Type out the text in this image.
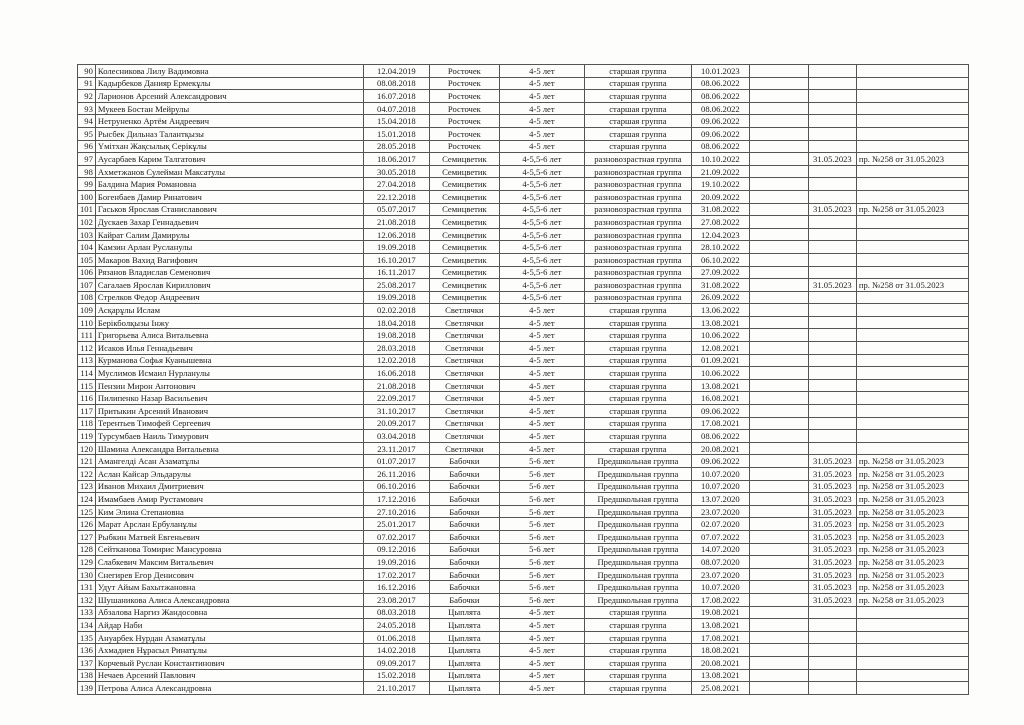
90	Колесникова Лилу Вадимовна	12.04.2019	Росточек	4-5 лет	старшая группа	10.01.2023			
91	Кадырбеков Данияр Ермекұлы	08.08.2018	Росточек	4-5 лет	старшая группа	08.06.2022			
92	Ларионов Арсений Александрович	16.07.2018	Росточек	4-5 лет	старшая группа	08.06.2022			
93	Мукеев Бостан Мейрулы	04.07.2018	Росточек	4-5 лет	старшая группа	08.06.2022			
94	Нетруненко Артём Андреевич	15.04.2018	Росточек	4-5 лет	старшая группа	09.06.2022			
95	Рысбек Дильназ Талантқызы	15.01.2018	Росточек	4-5 лет	старшая группа	09.06.2022			
96	Үмітхан Жақсылық Серікұлы	28.05.2018	Росточек	4-5 лет	старшая группа	08.06.2022			
97	Аусарбаев Карим Талгатович	18.06.2017	Семицветик	4-5,5-6 лет	разновозрастная группа	10.10.2022		31.05.2023	пр. №258 от 31.05.2023
98	Ахметжанов Сулейман Максатулы	30.05.2018	Семицветик	4-5,5-6 лет	разновозрастная группа	21.09.2022			
99	Балдина Мария Романовна	27.04.2018	Семицветик	4-5,5-6 лет	разновозрастная группа	19.10.2022			
100	Богенбаев Дамир Ринатович	22.12.2018	Семицветик	4-5,5-6 лет	разновозрастная группа	20.09.2022			
101	Гаськов Ярослав Станиславович	05.07.2017	Семицветик	4-5,5-6 лет	разновозрастная группа	31.08.2022		31.05.2023	пр. №258 от 31.05.2023
102	Дускаев Захар Геннадьевич	21.08.2018	Семицветик	4-5,5-6 лет	разновозрастная группа	27.08.2022			
103	Кайрат Салим Дамирулы	12.06.2018	Семицветик	4-5,5-6 лет	разновозрастная группа	12.04.2023			
104	Камзин Арлан Русланулы	19.09.2018	Семицветик	4-5,5-6 лет	разновозрастная группа	28.10.2022			
105	Макаров Вахид Вагифович	16.10.2017	Семицветик	4-5,5-6 лет	разновозрастная группа	06.10.2022			
106	Рязанов Владислав Семенович	16.11.2017	Семицветик	4-5,5-6 лет	разновозрастная группа	27.09.2022			
107	Сагалаев Ярослав Кириллович	25.08.2017	Семицветик	4-5,5-6 лет	разновозрастная группа	31.08.2022		31.05.2023	пр. №258 от 31.05.2023
108	Стрелков Федор Андреевич	19.09.2018	Семицветик	4-5,5-6 лет	разновозрастная группа	26.09.2022			
109	Асқарұлы Ислам	02.02.2018	Светлячки	4-5 лет	старшая группа	13.06.2022			
110	Берікболқызы Інжу	18.04.2018	Светлячки	4-5 лет	старшая группа	13.08.2021			
111	Григорьева Алиса Витальевна	19.08.2018	Светлячки	4-5 лет	старшая группа	10.06.2022			
112	Исаков Илья Геннадьевич	28.03.2018	Светлячки	4-5 лет	старшая группа	12.08.2021			
113	Курманова Софья Куанышевна	12.02.2018	Светлячки	4-5 лет	старшая группа	01.09.2021			
114	Муслимов Исмаил Нурланулы	16.06.2018	Светлячки	4-5 лет	старшая группа	10.06.2022			
115	Пензин Мирон Антонович	21.08.2018	Светлячки	4-5 лет	старшая группа	13.08.2021			
116	Пилипенко Назар Васильевич	22.09.2017	Светлячки	4-5 лет	старшая группа	16.08.2021			
117	Притыкин Арсений Иванович	31.10.2017	Светлячки	4-5 лет	старшая группа	09.06.2022			
118	Терентьев Тимофей Сергеевич	20.09.2017	Светлячки	4-5 лет	старшая группа	17.08.2021			
119	Турсумбаев Наиль Тимурович	03.04.2018	Светлячки	4-5 лет	старшая группа	08.06.2022			
120	Шамина Александра Витальевна	23.11.2017	Светлячки	4-5 лет	старшая группа	20.08.2021			
121	Амангелді Асан Азаматұлы	01.07.2017	Бабочки	5-6 лет	Предшкольная группа	09.06.2022		31.05.2023	пр. №258 от 31.05.2023
122	Аслан Кайсар Эльдарулы	26.11.2016	Бабочки	5-6 лет	Предшкольная группа	10.07.2020		31.05.2023	пр. №258 от 31.05.2023
123	Иванов Михаил Дмитриевич	06.10.2016	Бабочки	5-6 лет	Предшкольная группа	10.07.2020		31.05.2023	пр. №258 от 31.05.2023
124	Имамбаев Амир Рустамович	17.12.2016	Бабочки	5-6 лет	Предшкольная группа	13.07.2020		31.05.2023	пр. №258 от 31.05.2023
125	Ким Элина Степановна	27.10.2016	Бабочки	5-6 лет	Предшкольная группа	23.07.2020		31.05.2023	пр. №258 от 31.05.2023
126	Марат Арслан Ербуланұлы	25.01.2017	Бабочки	5-6 лет	Предшкольная группа	02.07.2020		31.05.2023	пр. №258 от 31.05.2023
127	Рыбкин Матвей Евгеньевич	07.02.2017	Бабочки	5-6 лет	Предшкольная группа	07.07.2022		31.05.2023	пр. №258 от 31.05.2023
128	Сейтканова Томирис Мансуровна	09.12.2016	Бабочки	5-6 лет	Предшкольная группа	14.07.2020		31.05.2023	пр. №258 от 31.05.2023
129	Слабкевич Максим Витальевич	19.09.2016	Бабочки	5-6 лет	Предшкольная группа	08.07.2020		31.05.2023	пр. №258 от 31.05.2023
130	Снегирев Егор Денисович	17.02.2017	Бабочки	5-6 лет	Предшкольная группа	23.07.2020		31.05.2023	пр. №258 от 31.05.2023
131	Удут Айым Бахытжановна	16.12.2016	Бабочки	5-6 лет	Предшкольная группа	10.07.2020		31.05.2023	пр. №258 от 31.05.2023
132	Шушаникова Алиса Александровна	23.08.2017	Бабочки	5-6 лет	Предшкольная группа	17.08.2022		31.05.2023	пр. №258 от 31.05.2023
133	Абзалова Наргиз Жандосовна	08.03.2018	Цыплята	4-5 лет	старшая группа	19.08.2021			
134	Айдар Наби	24.05.2018	Цыплята	4-5 лет	старшая группа	13.08.2021			
135	Ануарбек Нурдан Азаматұлы	01.06.2018	Цыплята	4-5 лет	старшая группа	17.08.2021			
136	Ахмадиев Нұрасыл Ринатұлы	14.02.2018	Цыплята	4-5 лет	старшая группа	18.08.2021			
137	Корчевый Руслан Константинович	09.09.2017	Цыплята	4-5 лет	старшая группа	20.08.2021			
138	Нечаев Арсений Павлович	15.02.2018	Цыплята	4-5 лет	старшая группа	13.08.2021			
139	Петрова Алиса Александровна	21.10.2017	Цыплята	4-5 лет	старшая группа	25.08.2021			
